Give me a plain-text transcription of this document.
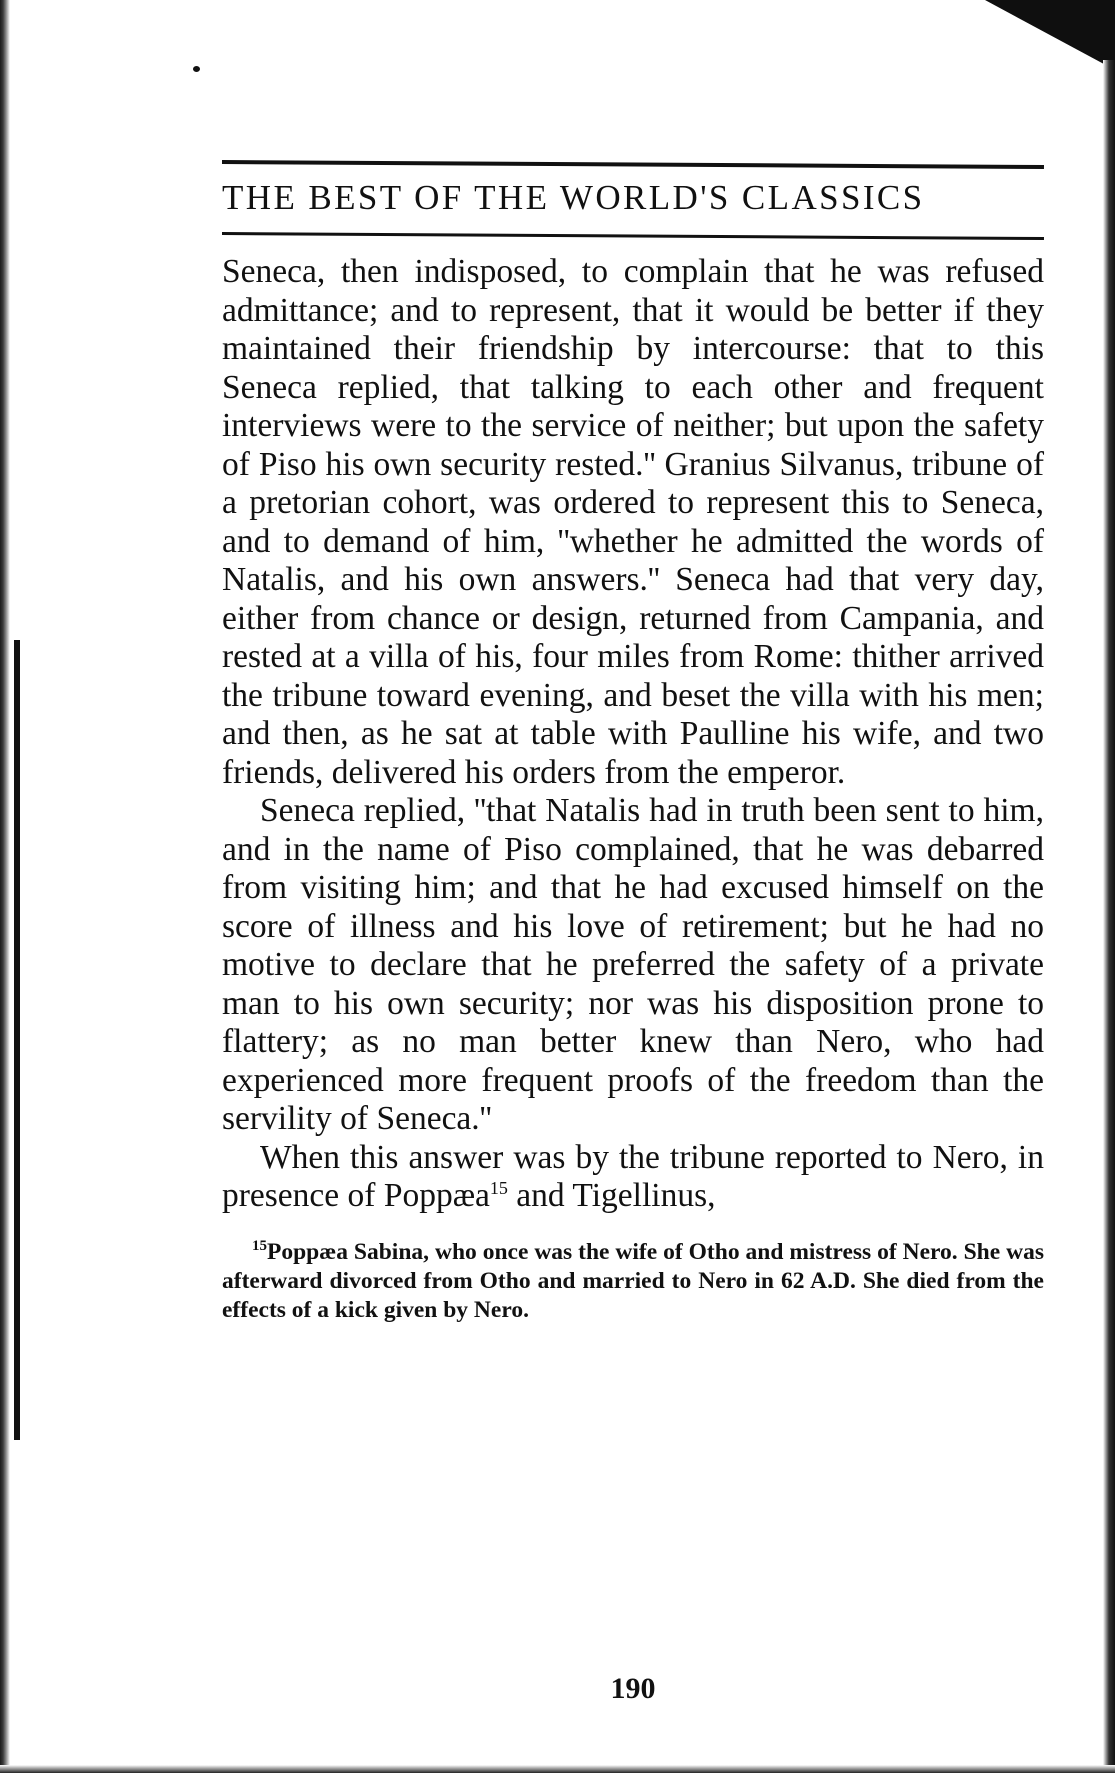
THE BEST OF THE WORLD'S CLASSICS

Seneca, then indisposed, to complain that he was refused admittance; and to represent, that it would be better if they maintained their friendship by intercourse: that to this Seneca replied, that talking to each other and frequent interviews were to the service of neither; but upon the safety of Piso his own security rested.'' Granius Silvanus, tribune of a pretorian cohort, was ordered to represent this to Seneca, and to demand of him, ''whether he admitted the words of Natalis, and his own answers.'' Seneca had that very day, either from chance or design, returned from Campania, and rested at a villa of his, four miles from Rome: thither arrived the tribune toward evening, and beset the villa with his men; and then, as he sat at table with Paulline his wife, and two friends, delivered his orders from the emperor.

Seneca replied, ''that Natalis had in truth been sent to him, and in the name of Piso complained, that he was debarred from visiting him; and that he had excused himself on the score of illness and his love of retirement; but he had no motive to declare that he preferred the safety of a private man to his own security; nor was his disposition prone to flattery; as no man better knew than Nero, who had experienced more frequent proofs of the freedom than the servility of Seneca.''

When this answer was by the tribune reported to Nero, in presence of Poppæa$^{15}$ and Tigellinus,

$^{15}$Poppæa Sabina, who once was the wife of Otho and mistress of Nero. She was afterward divorced from Otho and married to Nero in 62 A.D. She died from the effects of a kick given by Nero.
190
